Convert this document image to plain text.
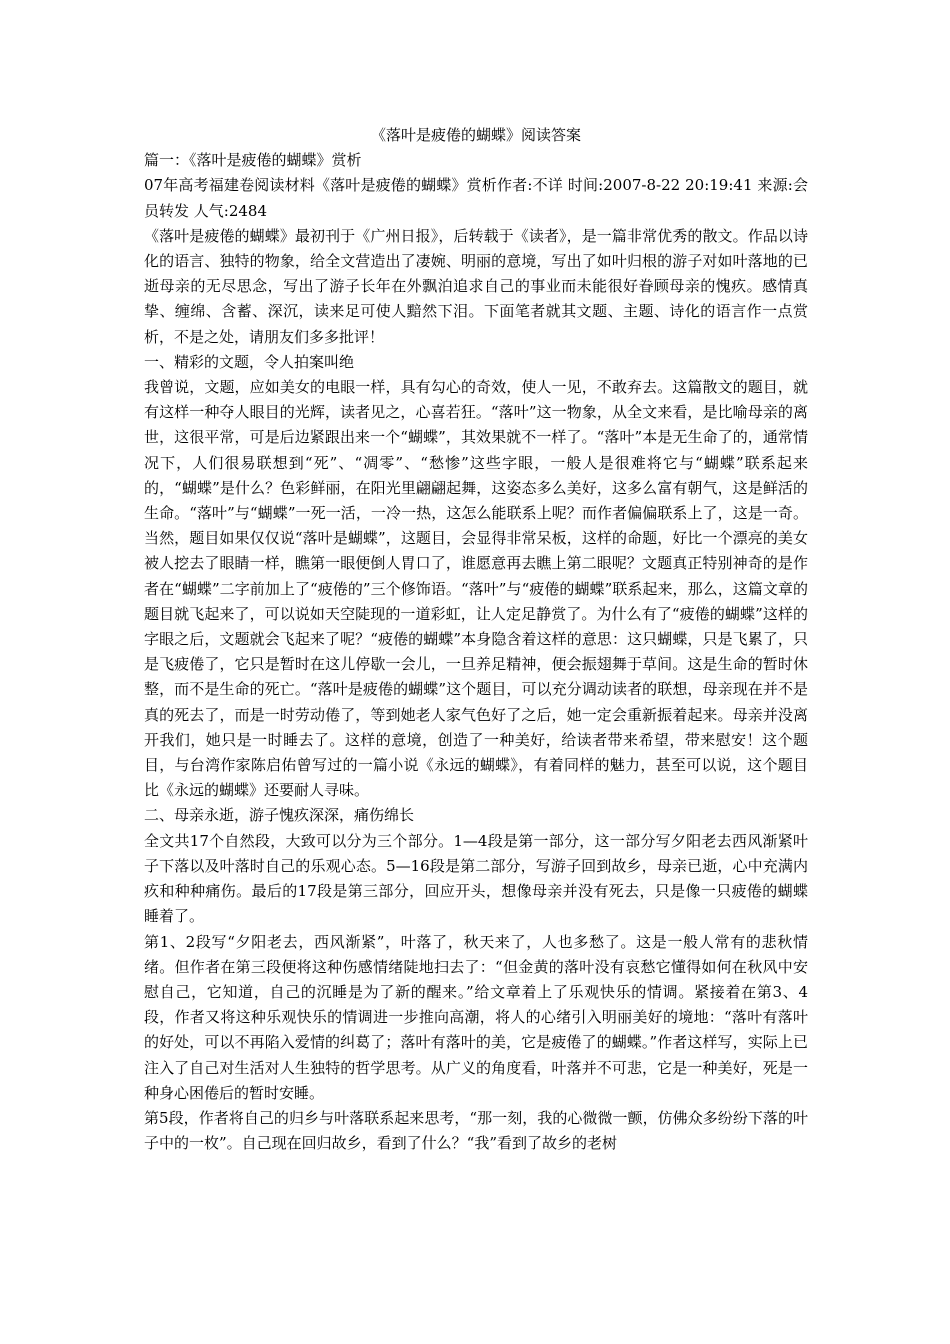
《落叶是疲倦的蝴蝶》阅读答案

篇一：《落叶是疲倦的蝴蝶》赏析

07年高考福建卷阅读材料《落叶是疲倦的蝴蝶》赏析作者:不详 时间:2007-8-22 20:19:41 来源:会员转发 人气:2484

《落叶是疲倦的蝴蝶》最初刊于《广州日报》，后转载于《读者》，是一篇非常优秀的散文。作品以诗化的语言、独特的物象，给全文营造出了凄婉、明丽的意境，写出了如叶归根的游子对如叶落地的已逝母亲的无尽思念，写出了游子长年在外飘泊追求自己的事业而未能很好眷顾母亲的愧疚。感情真挚、缠绵、含蓄、深沉，读来足可使人黯然下泪。下面笔者就其文题、主题、诗化的语言作一点赏析，不是之处，请朋友们多多批评！

一、精彩的文题，令人拍案叫绝

我曾说，文题，应如美女的电眼一样，具有勾心的奇效，使人一见，不敢弃去。这篇散文的题目，就有这样一种夺人眼目的光辉，读者见之，心喜若狂。“落叶”这一物象，从全文来看，是比喻母亲的离世，这很平常，可是后边紧跟出来一个“蝴蝶”，其效果就不一样了。“落叶”本是无生命了的，通常情况下，人们很易联想到“死”、“凋零”、“愁惨”这些字眼，一般人是很难将它与“蝴蝶”联系起来的，“蝴蝶”是什么？色彩鲜丽，在阳光里翩翩起舞，这姿态多么美好，这多么富有朝气，这是鲜活的生命。“落叶”与“蝴蝶”一死一活，一冷一热，这怎么能联系上呢？而作者偏偏联系上了，这是一奇。当然，题目如果仅仅说“落叶是蝴蝶”，这题目，会显得非常呆板，这样的命题，好比一个漂亮的美女被人挖去了眼睛一样，瞧第一眼便倒人胃口了，谁愿意再去瞧上第二眼呢？文题真正特别神奇的是作者在“蝴蝶”二字前加上了“疲倦的”三个修饰语。“落叶”与“疲倦的蝴蝶”联系起来，那么，这篇文章的题目就飞起来了，可以说如天空陡现的一道彩虹，让人定足静赏了。为什么有了“疲倦的蝴蝶”这样的字眼之后，文题就会飞起来了呢？“疲倦的蝴蝶”本身隐含着这样的意思：这只蝴蝶，只是飞累了，只是飞疲倦了，它只是暂时在这儿停歇一会儿，一旦养足精神，便会振翅舞于草间。这是生命的暂时休整，而不是生命的死亡。“落叶是疲倦的蝴蝶”这个题目，可以充分调动读者的联想，母亲现在并不是真的死去了，而是一时劳动倦了，等到她老人家气色好了之后，她一定会重新振着起来。母亲并没离开我们，她只是一时睡去了。这样的意境，创造了一种美好，给读者带来希望，带来慰安！这个题目，与台湾作家陈启佑曾写过的一篇小说《永远的蝴蝶》，有着同样的魅力，甚至可以说，这个题目比《永远的蝴蝶》还要耐人寻味。

二、母亲永逝，游子愧疚深深，痛伤绵长

全文共17个自然段，大致可以分为三个部分。1—4段是第一部分，这一部分写夕阳老去西风渐紧叶子下落以及叶落时自己的乐观心态。5—16段是第二部分，写游子回到故乡，母亲已逝，心中充满内疚和种种痛伤。最后的17段是第三部分，回应开头，想像母亲并没有死去，只是像一只疲倦的蝴蝶睡着了。

第1、2段写“夕阳老去，西风渐紧”，叶落了，秋天来了，人也多愁了。这是一般人常有的悲秋情绪。但作者在第三段便将这种伤感情绪陡地扫去了：“但金黄的落叶没有哀愁它懂得如何在秋风中安慰自己，它知道，自己的沉睡是为了新的醒来。”给文章着上了乐观快乐的情调。紧接着在第3、4段，作者又将这种乐观快乐的情调进一步推向高潮，将人的心绪引入明丽美好的境地：“落叶有落叶的好处，可以不再陷入爱情的纠葛了；落叶有落叶的美，它是疲倦了的蝴蝶。”作者这样写，实际上已注入了自己对生活对人生独特的哲学思考。从广义的角度看，叶落并不可悲，它是一种美好，死是一种身心困倦后的暂时安睡。

第5段，作者将自己的归乡与叶落联系起来思考，“那一刻，我的心微微一颤，仿佛众多纷纷下落的叶子中的一枚”。自己现在回归故乡，看到了什么？“我”看到了故乡的老树
